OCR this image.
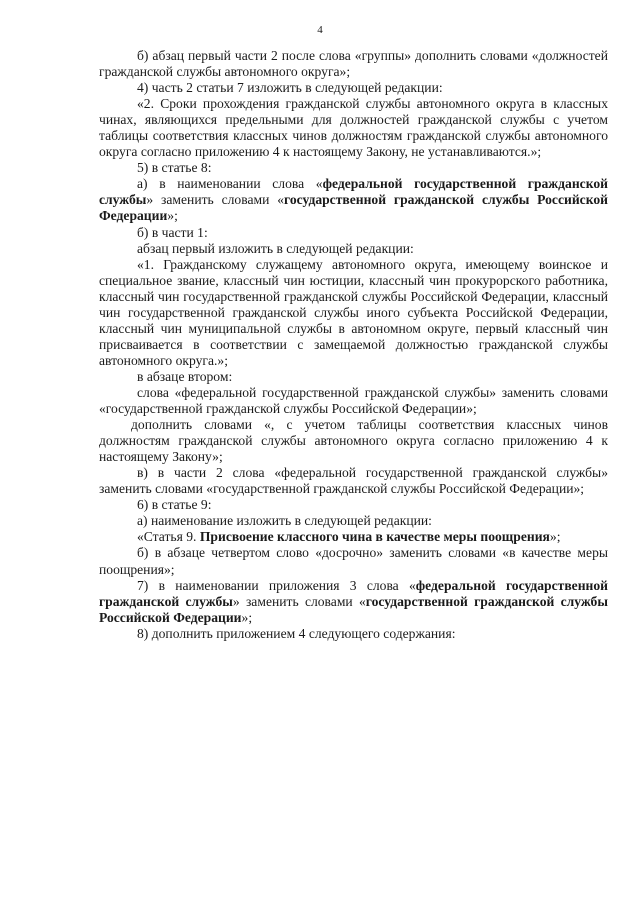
4

б) абзац первый части 2 после слова «группы» дополнить словами «должностей гражданской службы автономного округа»;

4) часть 2 статьи 7 изложить в следующей редакции:

«2. Сроки прохождения гражданской службы автономного округа в классных чинах, являющихся предельными для должностей гражданской службы с учетом таблицы соответствия классных чинов должностям гражданской службы автономного округа согласно приложению 4 к настоящему Закону, не устанавливаются.»;

5) в статье 8:

а) в наименовании слова «федеральной государственной гражданской службы» заменить словами «государственной гражданской службы Российской Федерации»;

б) в части 1:

абзац первый изложить в следующей редакции:

«1. Гражданскому служащему автономного округа, имеющему воинское и специальное звание, классный чин юстиции, классный чин прокурорского работника, классный чин государственной гражданской службы Российской Федерации, классный чин государственной гражданской службы иного субъекта Российской Федерации, классный чин муниципальной службы в автономном округе, первый классный чин присваивается в соответствии с замещаемой должностью гражданской службы автономного округа.»;

в абзаце втором:

слова «федеральной государственной гражданской службы» заменить словами «государственной гражданской службы Российской Федерации»;

дополнить словами «, с учетом таблицы соответствия классных чинов должностям гражданской службы автономного округа согласно приложению 4 к настоящему Закону»;

в) в части 2 слова «федеральной государственной гражданской службы» заменить словами «государственной гражданской службы Российской Федерации»;

6) в статье 9:

а) наименование изложить в следующей редакции:

«Статья 9. Присвоение классного чина в качестве меры поощрения»;

б) в абзаце четвертом слово «досрочно» заменить словами «в качестве меры поощрения»;

7) в наименовании приложения 3 слова «федеральной государственной гражданской службы» заменить словами «государственной гражданской службы Российской Федерации»;

8) дополнить приложением 4 следующего содержания:
